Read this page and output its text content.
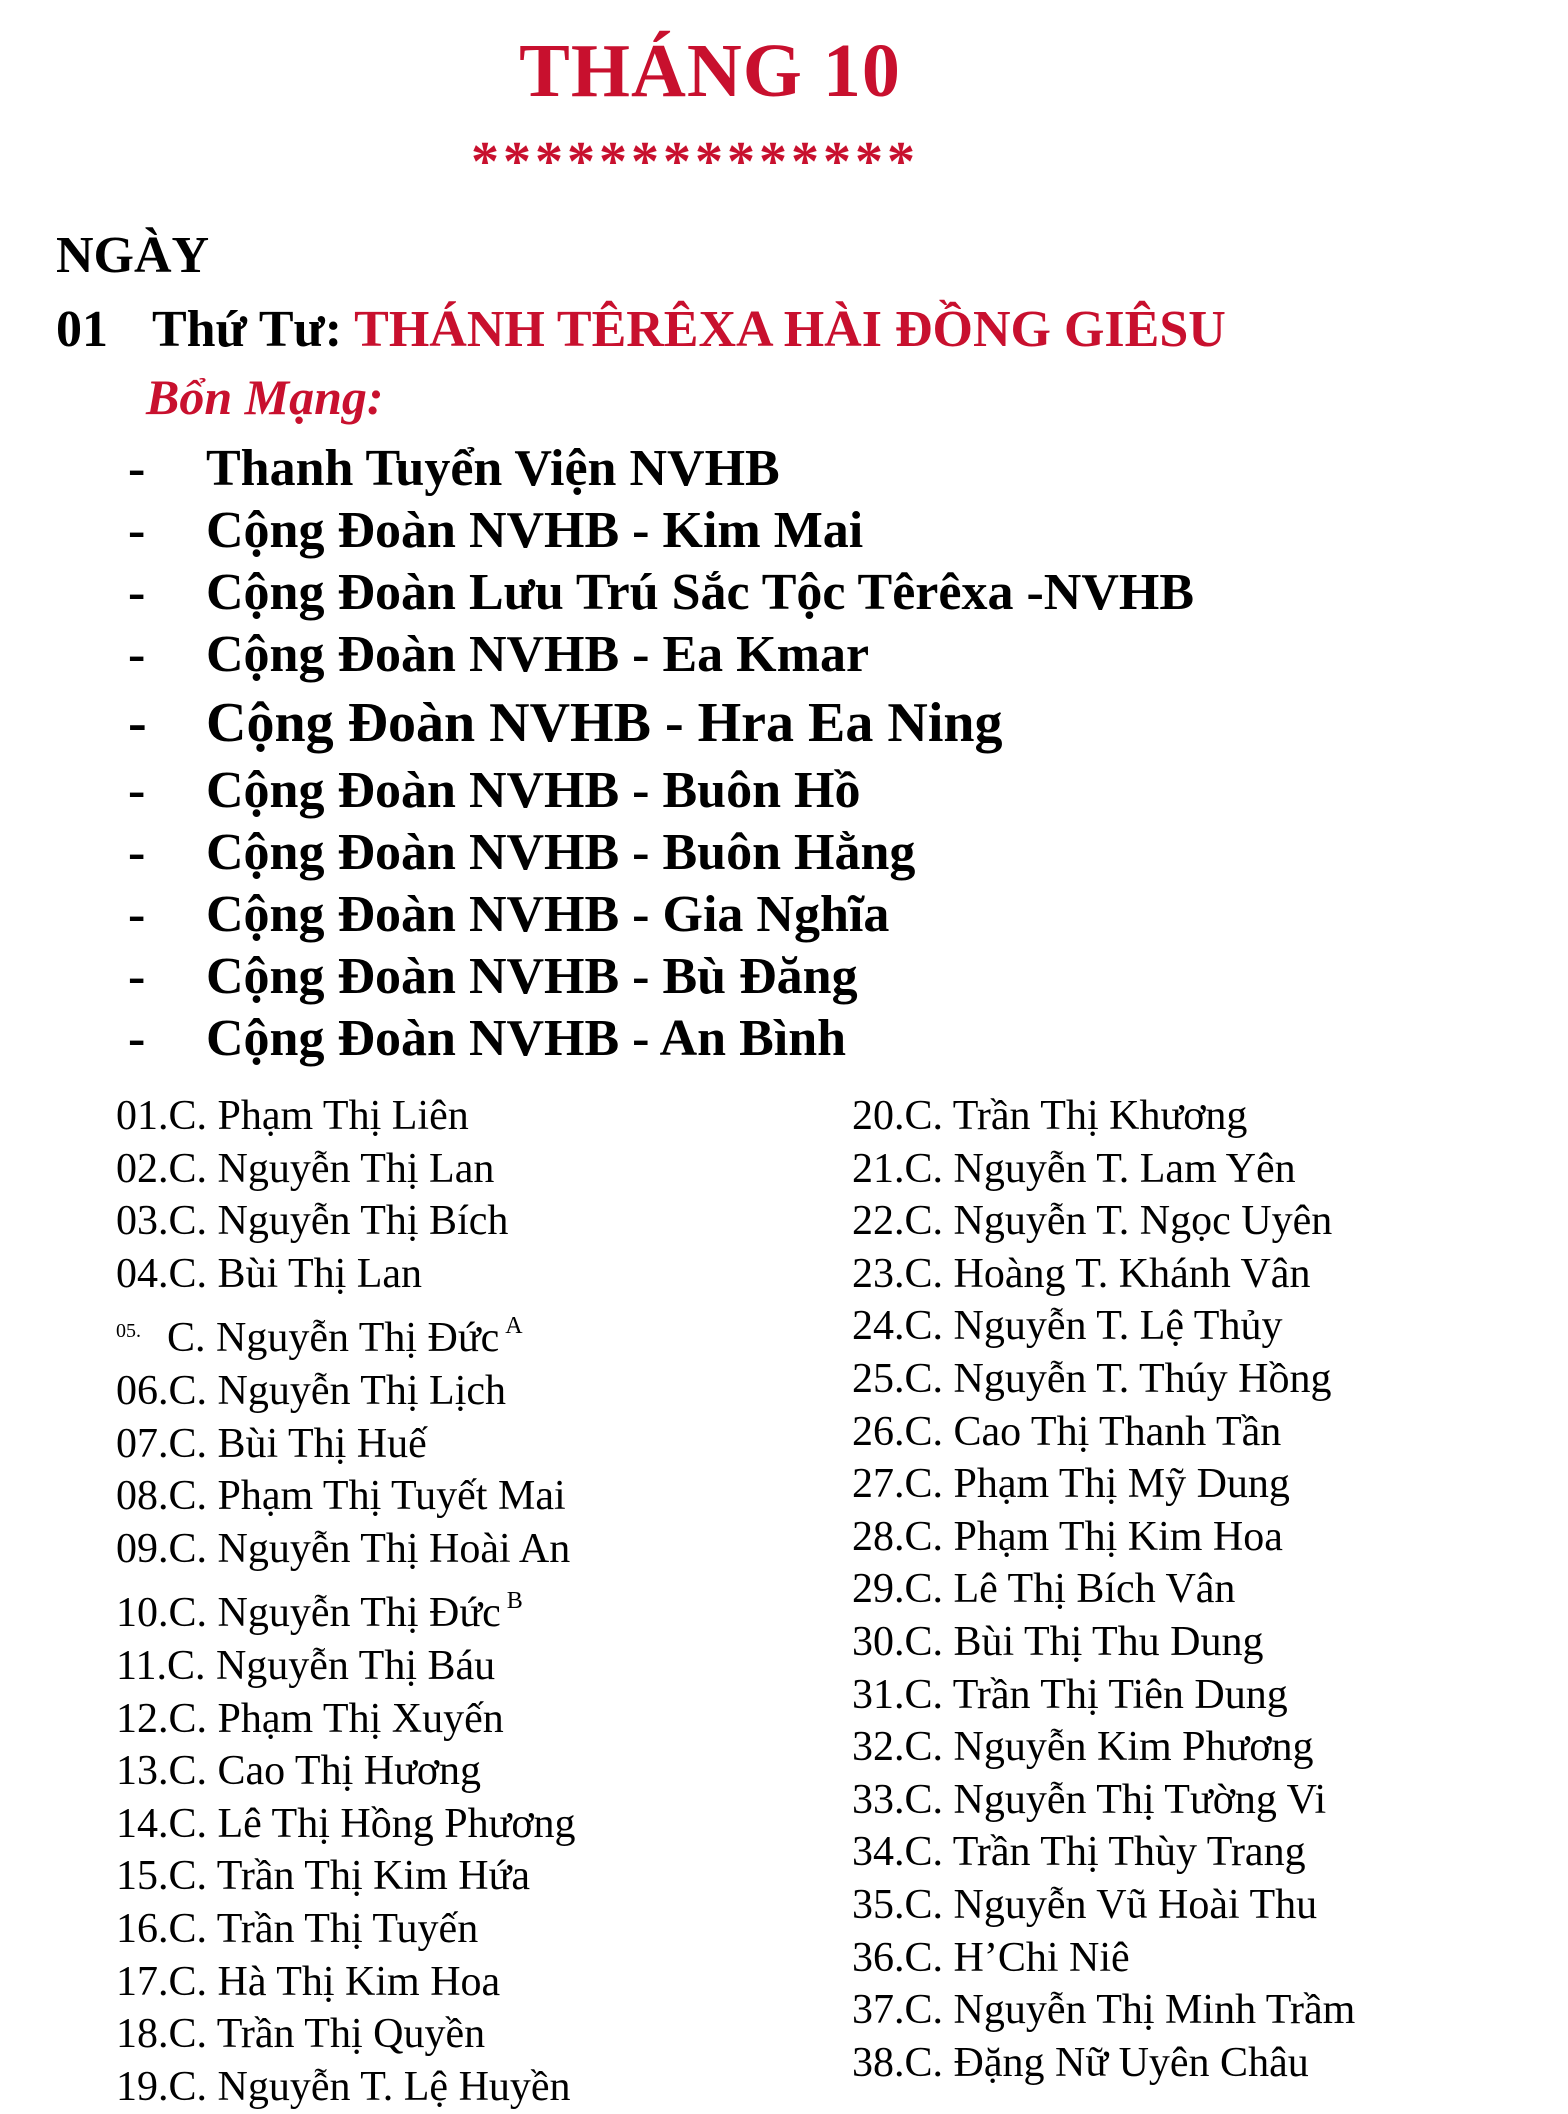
THÁNG 10
**************
NGÀY
01 Thứ Tư: THÁNH TÊRÊXA HÀI ĐỒNG GIÊSU
Bổn Mạng:
-	Thanh Tuyển Viện NVHB
-	Cộng Đoàn NVHB - Kim Mai
-	Cộng Đoàn Lưu Trú Sắc Tộc Têrêxa -NVHB
-	Cộng Đoàn NVHB - Ea Kmar
-	Cộng Đoàn NVHB - Hra Ea Ning
-	Cộng Đoàn NVHB - Buôn Hồ
-	Cộng Đoàn NVHB - Buôn Hằng
-	Cộng Đoàn NVHB - Gia Nghĩa
-	Cộng Đoàn NVHB - Bù Đăng
-	Cộng Đoàn NVHB - An Bình
01.C. Phạm Thị Liên
02.C. Nguyễn Thị Lan
03.C. Nguyễn Thị Bích
04.C. Bùi Thị Lan
$^{05.}$ C. Nguyễn Thị Đức $^A$
06.C. Nguyễn Thị Lịch
07.C. Bùi Thị Huế
08.C. Phạm Thị Tuyết Mai
09.C. Nguyễn Thị Hoài An
10.C. Nguyễn Thị Đức $^B$
11.C. Nguyễn Thị Báu
12.C. Phạm Thị Xuyến
13.C. Cao Thị Hương
14.C. Lê Thị Hồng Phương
15.C. Trần Thị Kim Hứa
16.C. Trần Thị Tuyến
17.C. Hà Thị Kim Hoa
18.C. Trần Thị Quyền
19.C. Nguyễn T. Lệ Huyền
20.C. Trần Thị Khương
21.C. Nguyễn T. Lam Yên
22.C. Nguyễn T. Ngọc Uyên
23.C. Hoàng T. Khánh Vân
24.C. Nguyễn T. Lệ Thủy
25.C. Nguyễn T. Thúy Hồng
26.C. Cao Thị Thanh Tần
27.C. Phạm Thị Mỹ Dung
28.C. Phạm Thị Kim Hoa
29.C. Lê Thị Bích Vân
30.C. Bùi Thị Thu Dung
31.C. Trần Thị Tiên Dung
32.C. Nguyễn Kim Phương
33.C. Nguyễn Thị Tường Vi
34.C. Trần Thị Thùy Trang
35.C. Nguyễn Vũ Hoài Thu
36.C. H’Chi Niê
37.C. Nguyễn Thị Minh Trầm
38.C. Đặng Nữ Uyên Châu
